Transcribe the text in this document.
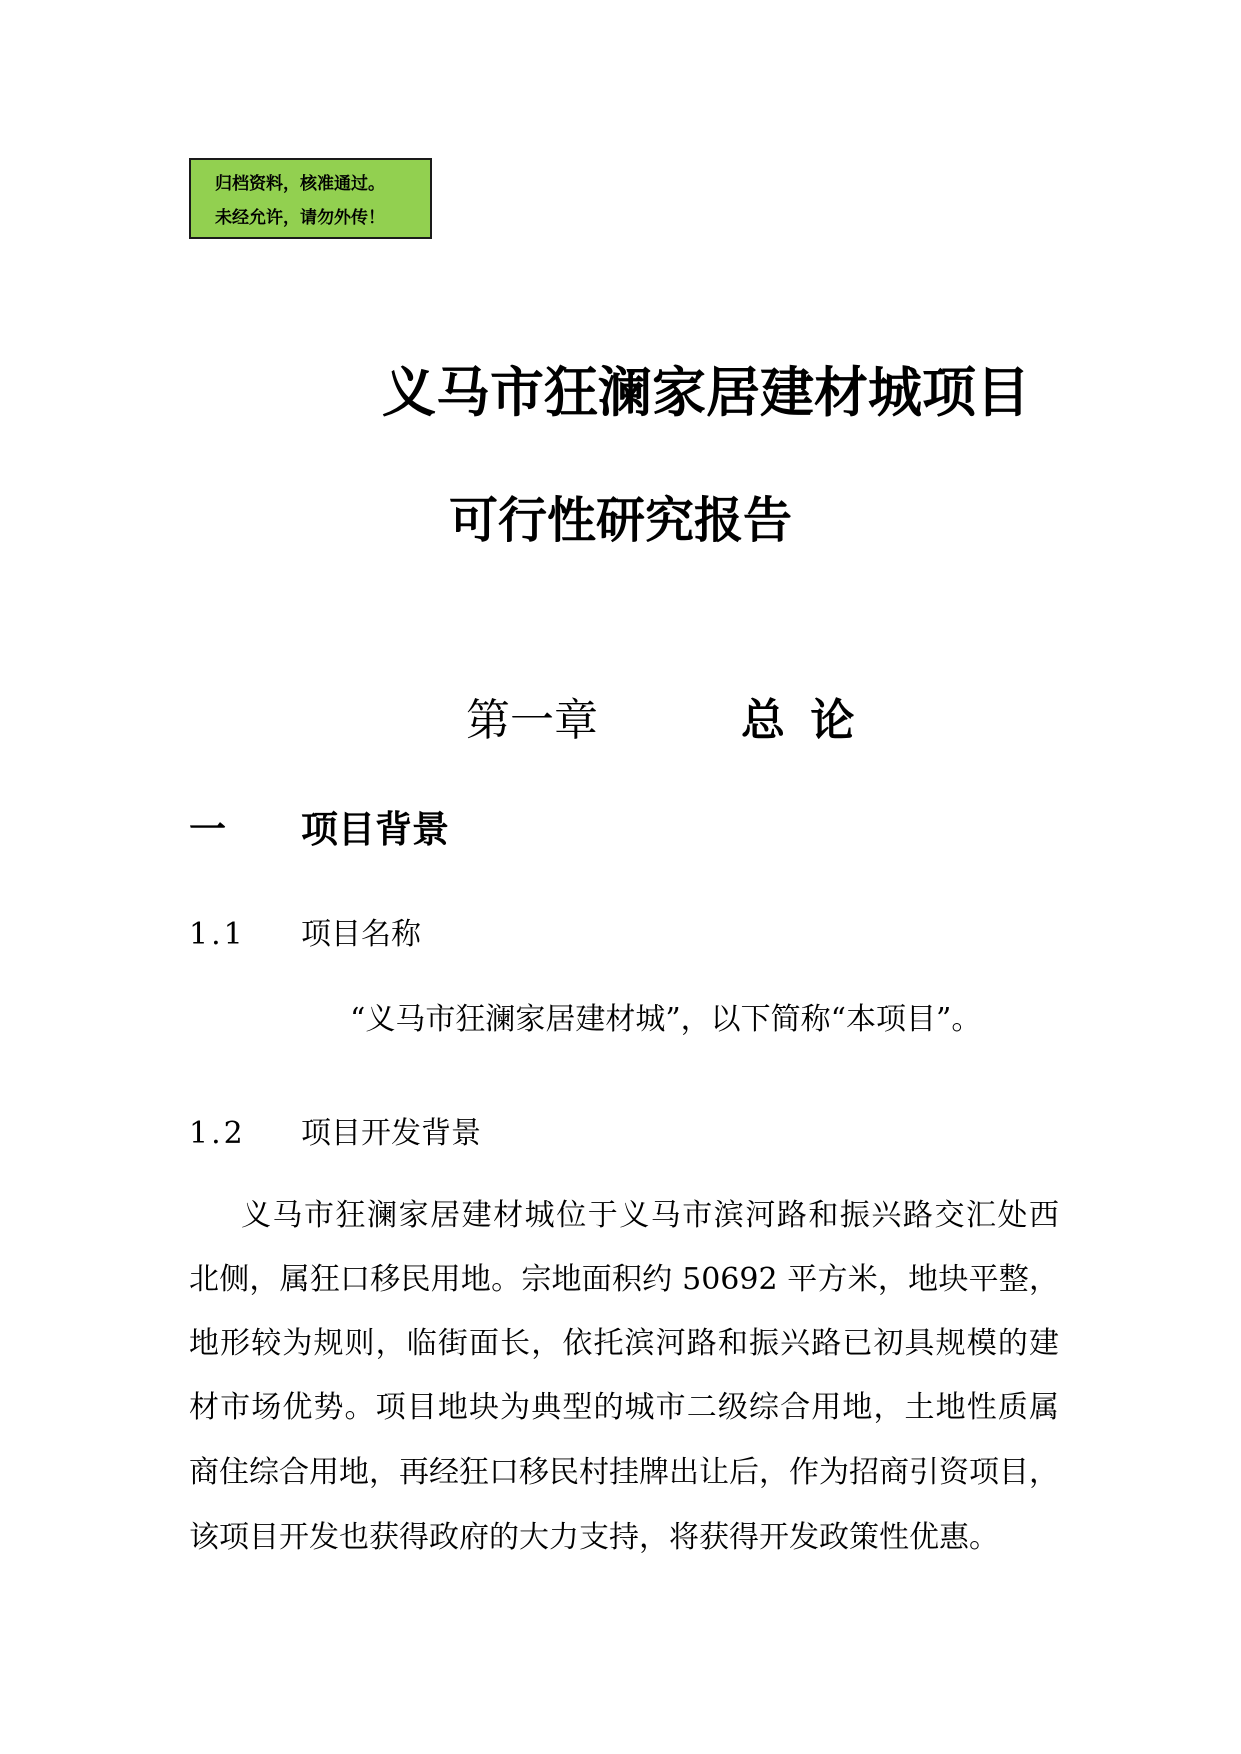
归档资料，核准通过。
未经允许，请勿外传！
义马市狂澜家居建材城项目
可行性研究报告
第一章	总 论
一 项目背景
1.1 项目名称
“义马市狂澜家居建材城”，以下简称“本项目”。
1.2 项目开发背景
义马市狂澜家居建材城位于义马市滨河路和振兴路交汇处西
北侧，属狂口移民用地。宗地面积约 50692 平方米，地块平整，
地形较为规则，临街面长，依托滨河路和振兴路已初具规模的建
材市场优势。项目地块为典型的城市二级综合用地，土地性质属
商住综合用地，再经狂口移民村挂牌出让后，作为招商引资项目，
该项目开发也获得政府的大力支持，将获得开发政策性优惠。
